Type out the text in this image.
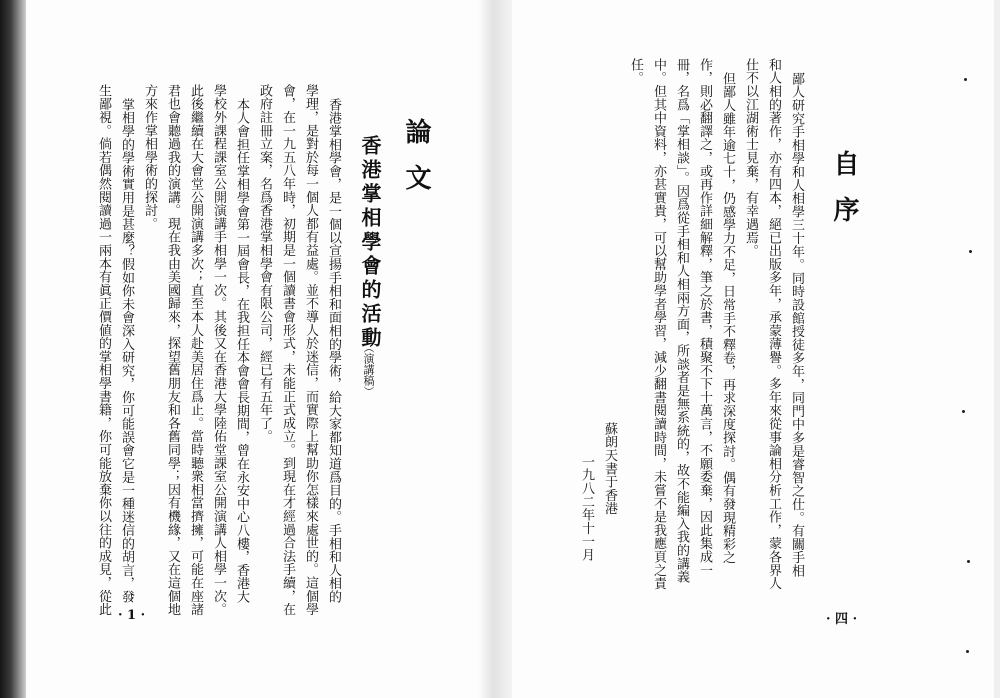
論文
香港掌相學會的活動
（演講稿）
香港掌相學會，是一個以宣揚手相和面相的學術，給大家都知道爲目的。手相和人相的
學理，是對於每一個人都有益處。並不導人於迷信，而實際上幫助你怎樣來處世的。這個學
會，在一九五八年時，初期是一個讀書會形式，未能正式成立。到現在才經過合法手續，在
政府註冊立案，名爲香港掌相學會有限公司，經已有五年了。
本人會担任掌相學會第一屆會長，在我担任本會會長期間，曾在永安中心八樓，香港大
學校外課程課室公開演講手相學一次。其後又在香港大學陸佑堂課室公開演講人相學一次。
此後繼續在大會堂公開演講多次；直至本人赴美居住爲止。當時聽衆相當擠擁，可能在座諸
君也會聽過我的演講。現在我由美國歸來，探望舊朋友和各舊同學；因有機緣，又在這個地
方來作掌相學術的探討。
掌相學的學術實用是甚麼？假如你未會深入研究，你可能誤會它是一種迷信的胡言，發
生鄙視。倘若偶然閱讀過一兩本有眞正價値的掌相學書籍，你可能放棄你以往的成見，從此 · 1 ·
自序
鄙人研究手相學和人相學三十年。同時設館授徒多年，同門中多是睿智之仕。有關手相
和人相的著作，亦有四本，絕已出版多年，承蒙薄譽。多年來從事論相分析工作，蒙各界人
仕不以江湖術士見棄，有幸遇焉。
但鄙人雖年逾七十，仍感學力不足，日常手不釋卷，再求深度探討。偶有發現精彩之
作，則必翻譯之，或再作詳細解釋，筆之於書，積聚不下十萬言，不願委棄，因此集成一
冊，名爲「掌相談」。因爲從手相和人相兩方面，所談者是無系統的，故不能編入我的講義
中。但其中資料，亦甚實貴，可以幫助學者學習，減少翻書閱讀時間，未嘗不是我應頁之責
任。
蘇朗天書于香港
一九八二年十一月
· 四 ·
